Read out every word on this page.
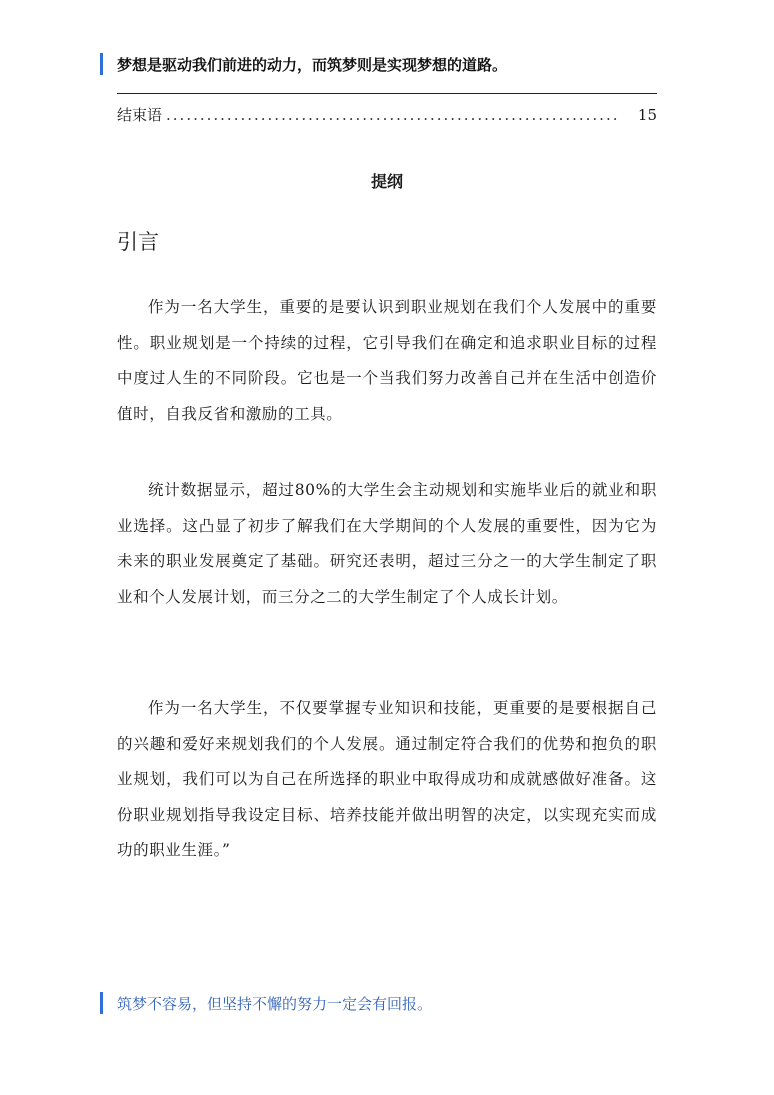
梦想是驱动我们前进的动力，而筑梦则是实现梦想的道路。
结束语 ...................................................................	15
提纲
引言

作为一名大学生，重要的是要认识到职业规划在我们个人发展中的重要性。职业规划是一个持续的过程，它引导我们在确定和追求职业目标的过程中度过人生的不同阶段。它也是一个当我们努力改善自己并在生活中创造价值时，自我反省和激励的工具。

统计数据显示，超过80%的大学生会主动规划和实施毕业后的就业和职业选择。这凸显了初步了解我们在大学期间的个人发展的重要性，因为它为未来的职业发展奠定了基础。研究还表明，超过三分之一的大学生制定了职业和个人发展计划，而三分之二的大学生制定了个人成长计划。

作为一名大学生，不仅要掌握专业知识和技能，更重要的是要根据自己的兴趣和爱好来规划我们的个人发展。通过制定符合我们的优势和抱负的职业规划，我们可以为自己在所选择的职业中取得成功和成就感做好准备。这份职业规划指导我设定目标、培养技能并做出明智的决定，以实现充实而成功的职业生涯。”

筑梦不容易，但坚持不懈的努力一定会有回报。
